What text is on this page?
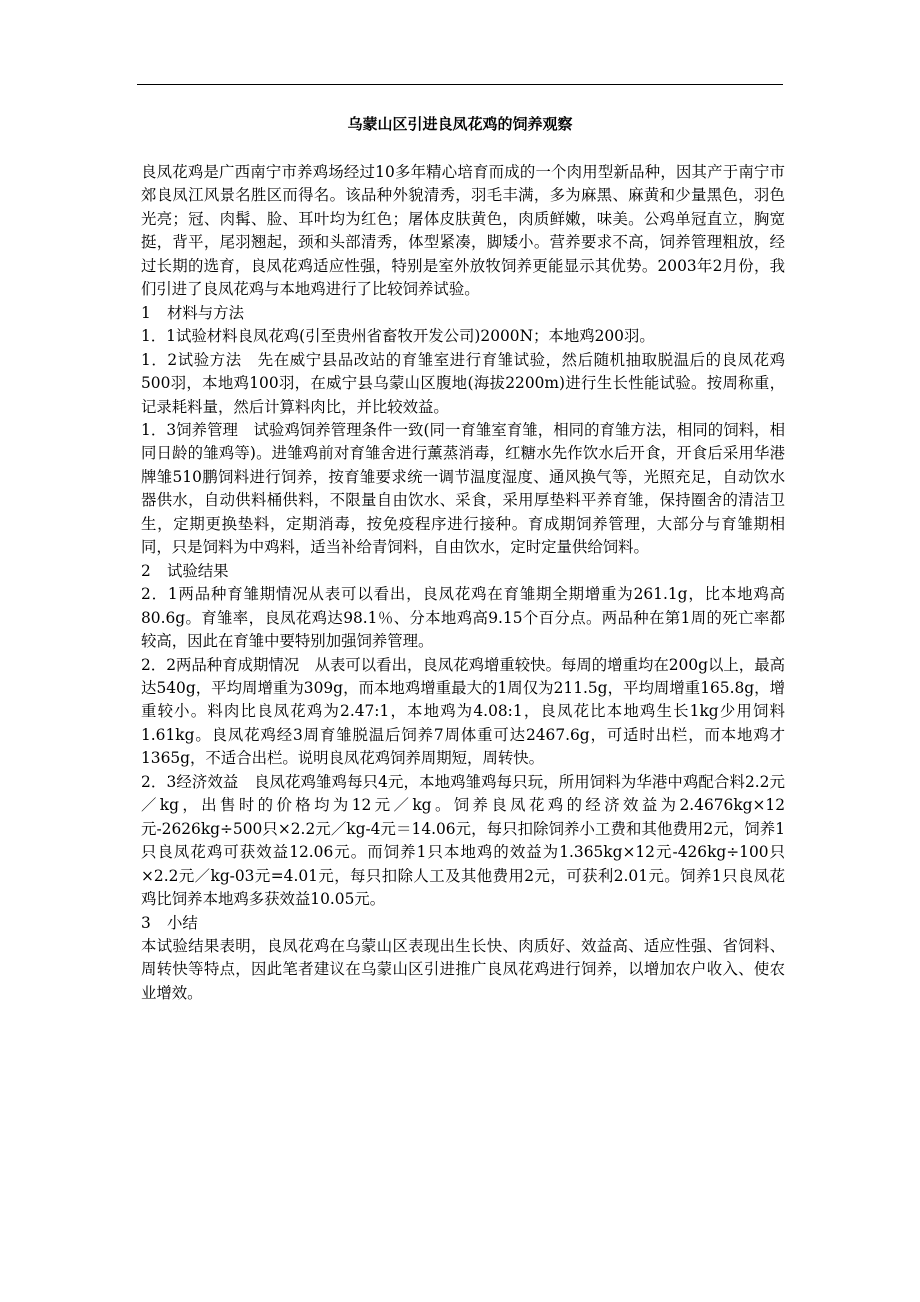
乌蒙山区引进良凤花鸡的饲养观察

良凤花鸡是广西南宁市养鸡场经过10多年精心培育而成的一个肉用型新品种，因其产于南宁市郊良凤江风景名胜区而得名。该品种外貌清秀，羽毛丰满，多为麻黑、麻黄和少量黑色，羽色光亮；冠、肉髯、脸、耳叶均为红色；屠体皮肤黄色，肉质鲜嫩，味美。公鸡单冠直立，胸宽挺，背平，尾羽翘起，颈和头部清秀，体型紧凑，脚矮小。营养要求不高，饲养管理粗放，经过长期的选育，良凤花鸡适应性强，特别是室外放牧饲养更能显示其优势。2003年2月份，我们引进了良凤花鸡与本地鸡进行了比较饲养试验。

1 材料与方法

1．1试验材料良凤花鸡(引至贵州省畜牧开发公司)2000N；本地鸡200羽。

1．2试验方法　先在威宁县品改站的育雏室进行育雏试验，然后随机抽取脱温后的良凤花鸡500羽，本地鸡100羽，在威宁县乌蒙山区腹地(海拔2200m)进行生长性能试验。按周称重，记录耗料量，然后计算料肉比，并比较效益。

1．3饲养管理　试验鸡饲养管理条件一致(同一育雏室育雏，相同的育雏方法，相同的饲料，相同日龄的雏鸡等)。进雏鸡前对育雏舍进行薰蒸消毒，红糖水先作饮水后开食，开食后采用华港牌雏510鹏饲料进行饲养，按育雏要求统一调节温度湿度、通风换气等，光照充足，自动饮水器供水，自动供料桶供料，不限量自由饮水、采食，采用厚垫料平养育雏，保持圈舍的清洁卫生，定期更换垫料，定期消毒，按免疫程序进行接种。育成期饲养管理，大部分与育雏期相同，只是饲料为中鸡料，适当补给青饲料，自由饮水，定时定量供给饲料。

2 试验结果

2．1两品种育雏期情况从表可以看出，良凤花鸡在育雏期全期增重为261.1g，比本地鸡高80.6g。育雏率，良凤花鸡达98.1％、分本地鸡高9.15个百分点。两品种在第1周的死亡率都较高，因此在育雏中要特别加强饲养管理。

2．2两品种育成期情况　从表可以看出，良凤花鸡增重较快。每周的增重均在200g以上，最高达540g，平均周增重为309g，而本地鸡增重最大的1周仅为211.5g，平均周增重165.8g，增重较小。料肉比良凤花鸡为2.47:1，本地鸡为4.08:1，良凤花比本地鸡生长1kg少用饲料1.61kg。良凤花鸡经3周育雏脱温后饲养7周体重可达2467.6g，可适时出栏，而本地鸡才1365g，不适合出栏。说明良凤花鸡饲养周期短，周转快。

2．3经济效益　良凤花鸡雏鸡每只4元，本地鸡雏鸡每只玩，所用饲料为华港中鸡配合料2.2元／kg，出售时的价格均为12元／kg。饲养良凤花鸡的经济效益为2.4676kg×12元-2626kg÷500只×2.2元／kg-4元＝14.06元，每只扣除饲养小工费和其他费用2元，饲养1只良凤花鸡可获效益12.06元。而饲养1只本地鸡的效益为1.365kg×12元-426kg÷100只×2.2元／kg-03元=4.01元，每只扣除人工及其他费用2元，可获利2.01元。饲养1只良凤花鸡比饲养本地鸡多获效益10.05元。

3 小结

本试验结果表明，良凤花鸡在乌蒙山区表现出生长快、肉质好、效益高、适应性强、省饲料、周转快等特点，因此笔者建议在乌蒙山区引进推广良凤花鸡进行饲养，以增加农户收入、使农业增效。
